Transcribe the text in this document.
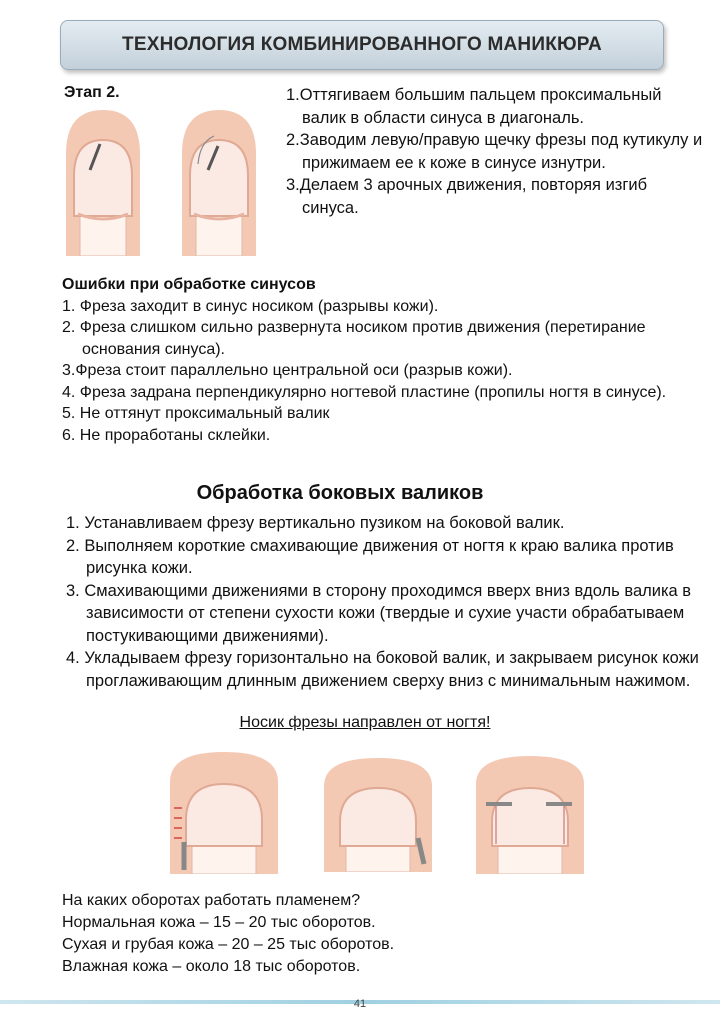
ТЕХНОЛОГИЯ КОМБИНИРОВАННОГО МАНИКЮРА
Этап 2.	1.Оттягиваем большим пальцем проксимальный валик в области синуса в диагональ.
2.Заводим левую/правую щечку фрезы под кутикулу и прижимаем ее к коже в синусе изнутри.
3.Делаем 3 арочных движения, повторяя изгиб синуса.
Ошибки при обработке синусов
1. Фреза заходит в синус носиком (разрывы кожи).
2. Фреза слишком сильно развернута носиком против движения (перетирание основания синуса).
3.Фреза стоит параллельно центральной оси (разрыв кожи).
4. Фреза задрана перпендикулярно ногтевой пластине (пропилы ногтя в синусе).
5. Не оттянут проксимальный валик
6. Не проработаны склейки.
Обработка боковых валиков
1. Устанавливаем фрезу вертикально пузиком на боковой валик.
2. Выполняем короткие смахивающие движения от ногтя к краю валика против рисунка кожи.
3. Смахивающими движениями в сторону проходимся вверх вниз вдоль валика в зависимости от степени сухости кожи (твердые и сухие участи обрабатываем постукивающими движениями).
4. Укладываем фрезу горизонтально на боковой валик, и закрываем рисунок кожи проглаживающим длинным движением сверху вниз с минимальным нажимом.
Носик фрезы направлен от ногтя!
На каких оборотах работать пламенем?
Нормальная кожа – 15 – 20 тыс оборотов.
Сухая и грубая кожа – 20 – 25 тыс оборотов.
Влажная кожа – около 18 тыс оборотов.
41
